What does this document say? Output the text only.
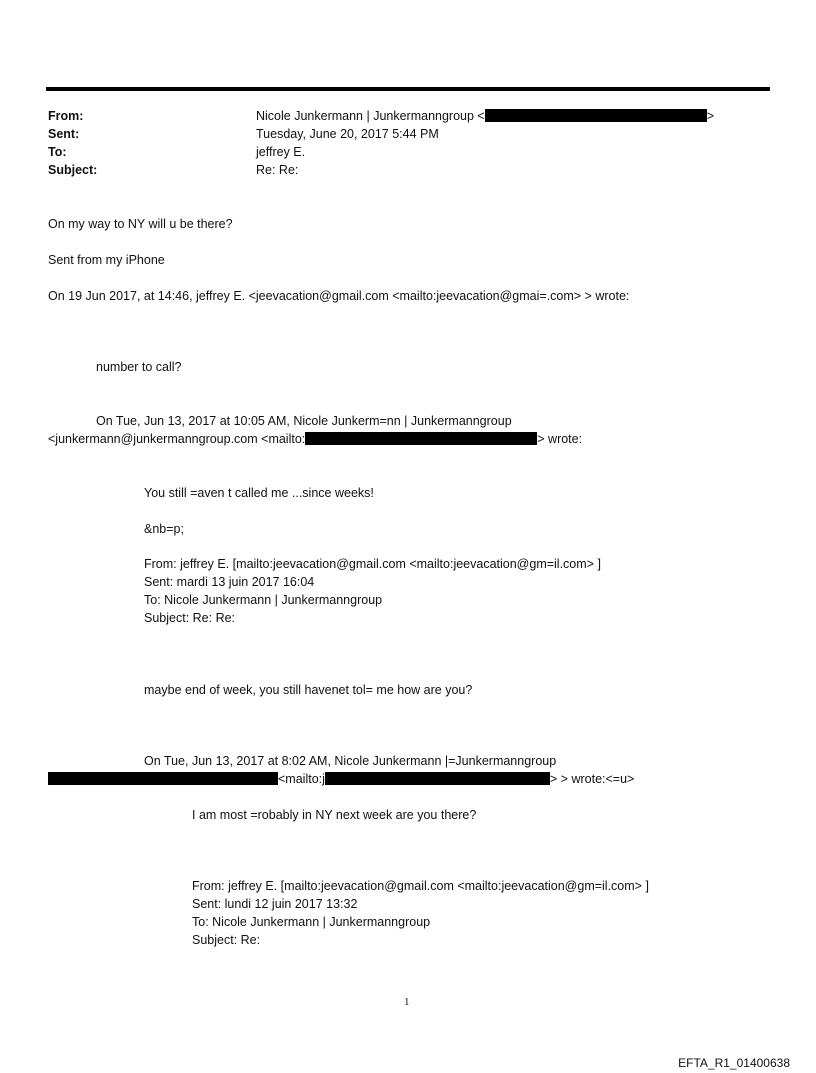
From:	Nicole Junkermann | Junkermanngroup <	>
Sent:	Tuesday, June 20, 2017 5:44 PM
To:	jeffrey E.
Subject:	Re: Re:
On my way to NY will u be there?
Sent from my iPhone
On 19 Jun 2017, at 14:46, jeffrey E. <jeevacation@gmail.com <mailto:jeevacation@gmai=.com> > wrote:
number to call?
On Tue, Jun 13, 2017 at 10:05 AM, Nicole Junkerm=nn | Junkermanngroup
<junkermann@junkermanngroup.com <mailto:	> wrote:
You still =aven t called me ...since weeks!
&nb=p;
From: jeffrey E. [mailto:jeevacation@gmail.com <mailto:jeevacation@gm=il.com> ]
Sent: mardi 13 juin 2017 16:04
To: Nicole Junkermann | Junkermanngroup
Subject: Re: Re:
maybe end of week, you still havenet tol= me how are you?
On Tue, Jun 13, 2017 at 8:02 AM, Nicole Junkermann |=Junkermanngroup
<mailto:j	> > wrote:<=u>
I am most =robably in NY next week are you there?
From: jeffrey E. [mailto:jeevacation@gmail.com <mailto:jeevacation@gm=il.com> ]
Sent: lundi 12 juin 2017 13:32
To: Nicole Junkermann | Junkermanngroup
Subject: Re:
1
EFTA_R1_01400638
